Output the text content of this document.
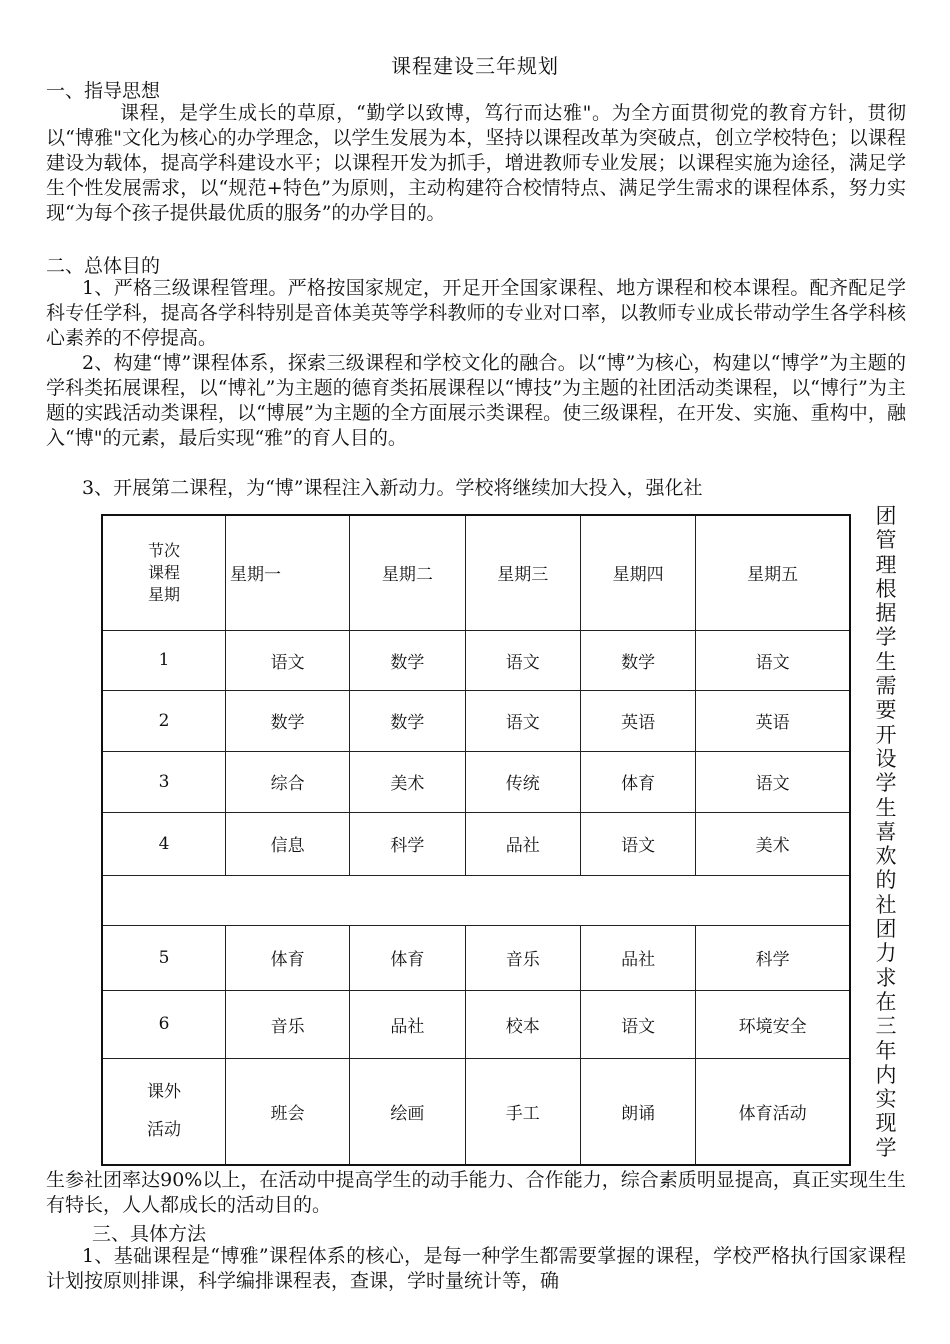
课程建设三年规划
一、指导思想

课程，是学生成长的草原，“勤学以致博，笃行而达雅"。为全方面贯彻党的教育方针，贯彻以“博雅"文化为核心的办学理念，以学生发展为本，坚持以课程改革为突破点，创立学校特色；以课程建设为载体，提高学科建设水平；以课程开发为抓手，增进教师专业发展；以课程实施为途径，满足学生个性发展需求，以“规范+特色”为原则，主动构建符合校情特点、满足学生需求的课程体系，努力实现“为每个孩子提供最优质的服务”的办学目的。

二、总体目的

1、严格三级课程管理。严格按国家规定，开足开全国家课程、地方课程和校本课程。配齐配足学科专任学科，提高各学科特别是音体美英等学科教师的专业对口率，以教师专业成长带动学生各学科核心素养的不停提高。

2、构建“博”课程体系，探索三级课程和学校文化的融合。以“博”为核心，构建以“博学”为主题的学科类拓展课程，以“博礼”为主题的德育类拓展课程以“博技”为主题的社团活动类课程，以“博行”为主题的实践活动类课程，以“博展”为主题的全方面展示类课程。使三级课程，在开发、实施、重构中，融入“博"的元素，最后实现“雅”的育人目的。

3、开展第二课程，为“博”课程注入新动力。学校将继续加大投入，强化社

团管理根据学生需要开设学生喜欢的社团力求在三年内实现学
节次
课程
星期	星期一	星期二	星期三	星期四	星期五
1	语文	数学	语文	数学	语文
2	数学	数学	语文	英语	英语
3	综合	美术	传统	体育	语文
4	信息	科学	品社	语文	美术

5	体育	体育	音乐	品社	科学
6	音乐	品社	校本	语文	环境安全

课外
活动	班会	绘画	手工	朗诵	体育活动

生参社团率达90%以上，在活动中提高学生的动手能力、合作能力，综合素质明显提高，真正实现生生有特长，人人都成长的活动目的。

三、具体方法

1、基础课程是“博雅”课程体系的核心，是每一种学生都需要掌握的课程，学校严格执行国家课程计划按原则排课，科学编排课程表，查课，学时量统计等，确
